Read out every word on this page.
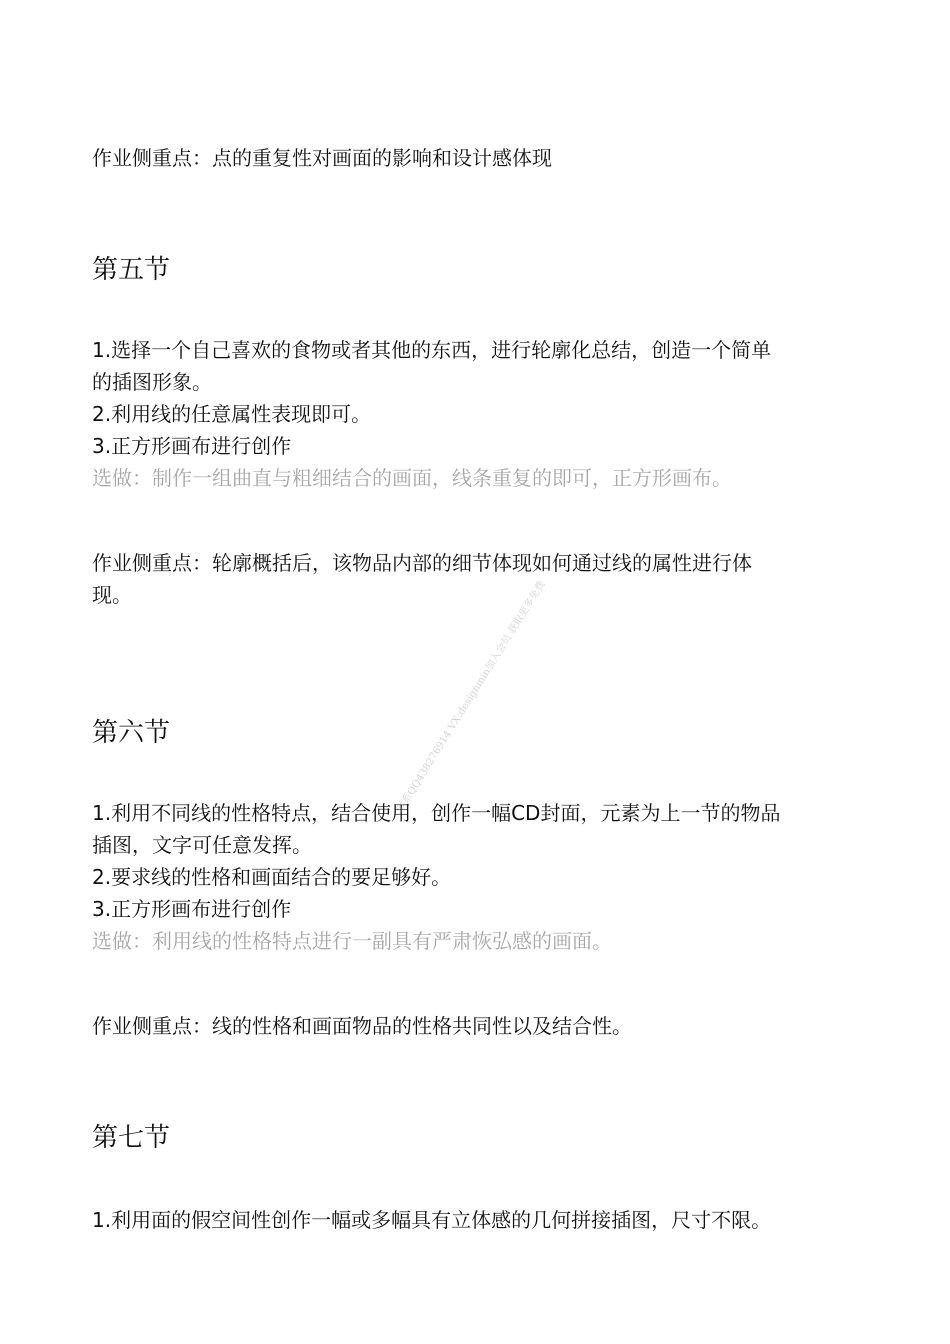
作业侧重点：点的重复性对画面的影响和设计感体现

第五节

1.选择一个自己喜欢的食物或者其他的东西，进行轮廓化总结，创造一个简单
的插图形象。
2.利用线的任意属性表现即可。
3.正方形画布进行创作
选做：制作一组曲直与粗细结合的画面，线条重复的即可，正方形画布。

作业侧重点：轮廓概括后，该物品内部的细节体现如何通过线的属性进行体
现。

第六节

1.利用不同线的性格特点，结合使用，创作一幅CD封面，元素为上一节的物品
插图，文字可任意发挥。
2.要求线的性格和画面结合的要足够好。
3.正方形画布进行创作
选做：利用线的性格特点进行一副具有严肃恢弘感的画面。

作业侧重点：线的性格和画面物品的性格共同性以及结合性。

第七节

1.利用面的假空间性创作一幅或多幅具有立体感的几何拼接插图，尺寸不限。

联系QQ438276914 VX:designmin加入会员 获取更多免费
